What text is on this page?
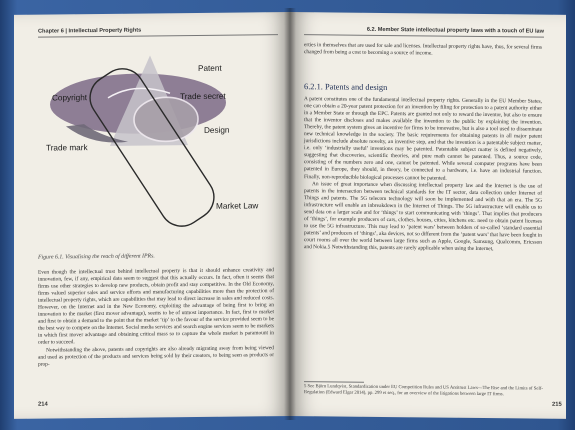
Chapter 6 | Intellectual Property Rights
Copyright
Patent
Trade secret
Design
Trade mark
Market Law
Figure 6.1. Visualising the reach of different IPRs.

Even though the intellectual trust behind intellectual property is that it should enhance creativity and innovation, few, if any, empirical data seem to suggest that this actually occurs. In fact, often it seems that firms use other strategies to develop new products, obtain profit and stay competitive. In the Old Economy, firms valued superior sales and service efforts and manufacturing capabilities more than the protection of intellectual property rights, which are capabilities that may lead to direct increase in sales and reduced costs. However, on the Internet and in the New Economy, exploiting the advantage of being first to bring an innovation to the market (first mover advantage), seems to be of utmost importance. In fact, first to market and first to obtain a demand to the point that the market ‘tip’ to the favour of the service provided seem to be the best way to compete on the Internet. Social media services and search engine services seem to be markets in which first mover advantage and obtaining critical mass so to capture the whole market is paramount in order to succeed.

Notwithstanding the above, patents and copyrights are also already migrating away from being viewed and used as protection of the products and services being sold by their creators, to being seen as products or prop-

214
6.2. Member State intellectual property laws with a touch of EU law

erties in themselves that are used for sale and licenses. Intellectual property rights have, thus, for several firms changed from being a cost to becoming a source of income.

6.2.1. Patents and design

A patent constitutes one of the fundamental intellectual property rights. Generally in the EU Member States, one can obtain a 20-year patent protection for an invention by filing for protection to a patent authority either in a Member State or through the EPC. Patents are granted not only to reward the inventor, but also to ensure that the inventor discloses and makes available the invention to the public by explaining the invention. Thereby, the patent system gives an incentive for firms to be innovative, but is also a tool used to disseminate new technical knowledge in the society. The basic requirements for obtaining patents in all major patent jurisdictions include absolute novelty, an inventive step, and that the invention is a patentable subject matter, i.e. only ‘industrially useful’ inventions may be patented. Patentable subject matter is defined negatively, suggesting that discoveries, scientific theories, and pure math cannot be patented. Thus, a source code, consisting of the numbers zero and one, cannot be patented. While several computer programs have been patented in Europe, they should, in theory, be connected to a hardware, i.e. have an industrial function. Finally, non-reproducible biological processes cannot be patented.

An issue of great importance when discussing intellectual property law and the Internet is the use of patents in the intersection between technical standards for the IT sector, data collection under Internet of Things and patents. The 5G telecom technology will soon be implemented and with that an era. The 5G infrastructure will enable an inbreakdown in the Internet of Things. The 5G infrastructure will enable us to send data on a larger scale and for ‘things’ to start communicating with ‘things’. That implies that producers of ‘things’, for example producers of cars, clothes, houses, cities, kitchens etc. need to obtain patent licenses to use the 5G infrastructure. This may lead to ‘patent wars’ between holders of so-called ‘standard essential patents’ and producers of ‘things’, aka devices, not so different from the ‘patent wars’ that have been fought in court rooms all over the world between large firms such as Apple, Google, Samsung, Qualcomm, Ericsson and Nokia.5 Notwithstanding this, patents are rarely applicable when using the Internet,

5 See Björn Lundqvist, Standardization under EU Competition Rules and US Antitrust Laws—The Rise and the Limits of Self-Regulation (Edward Elgar 2014), pp. 299 et seq., for an overview of the litigations between large IT firms.
215
